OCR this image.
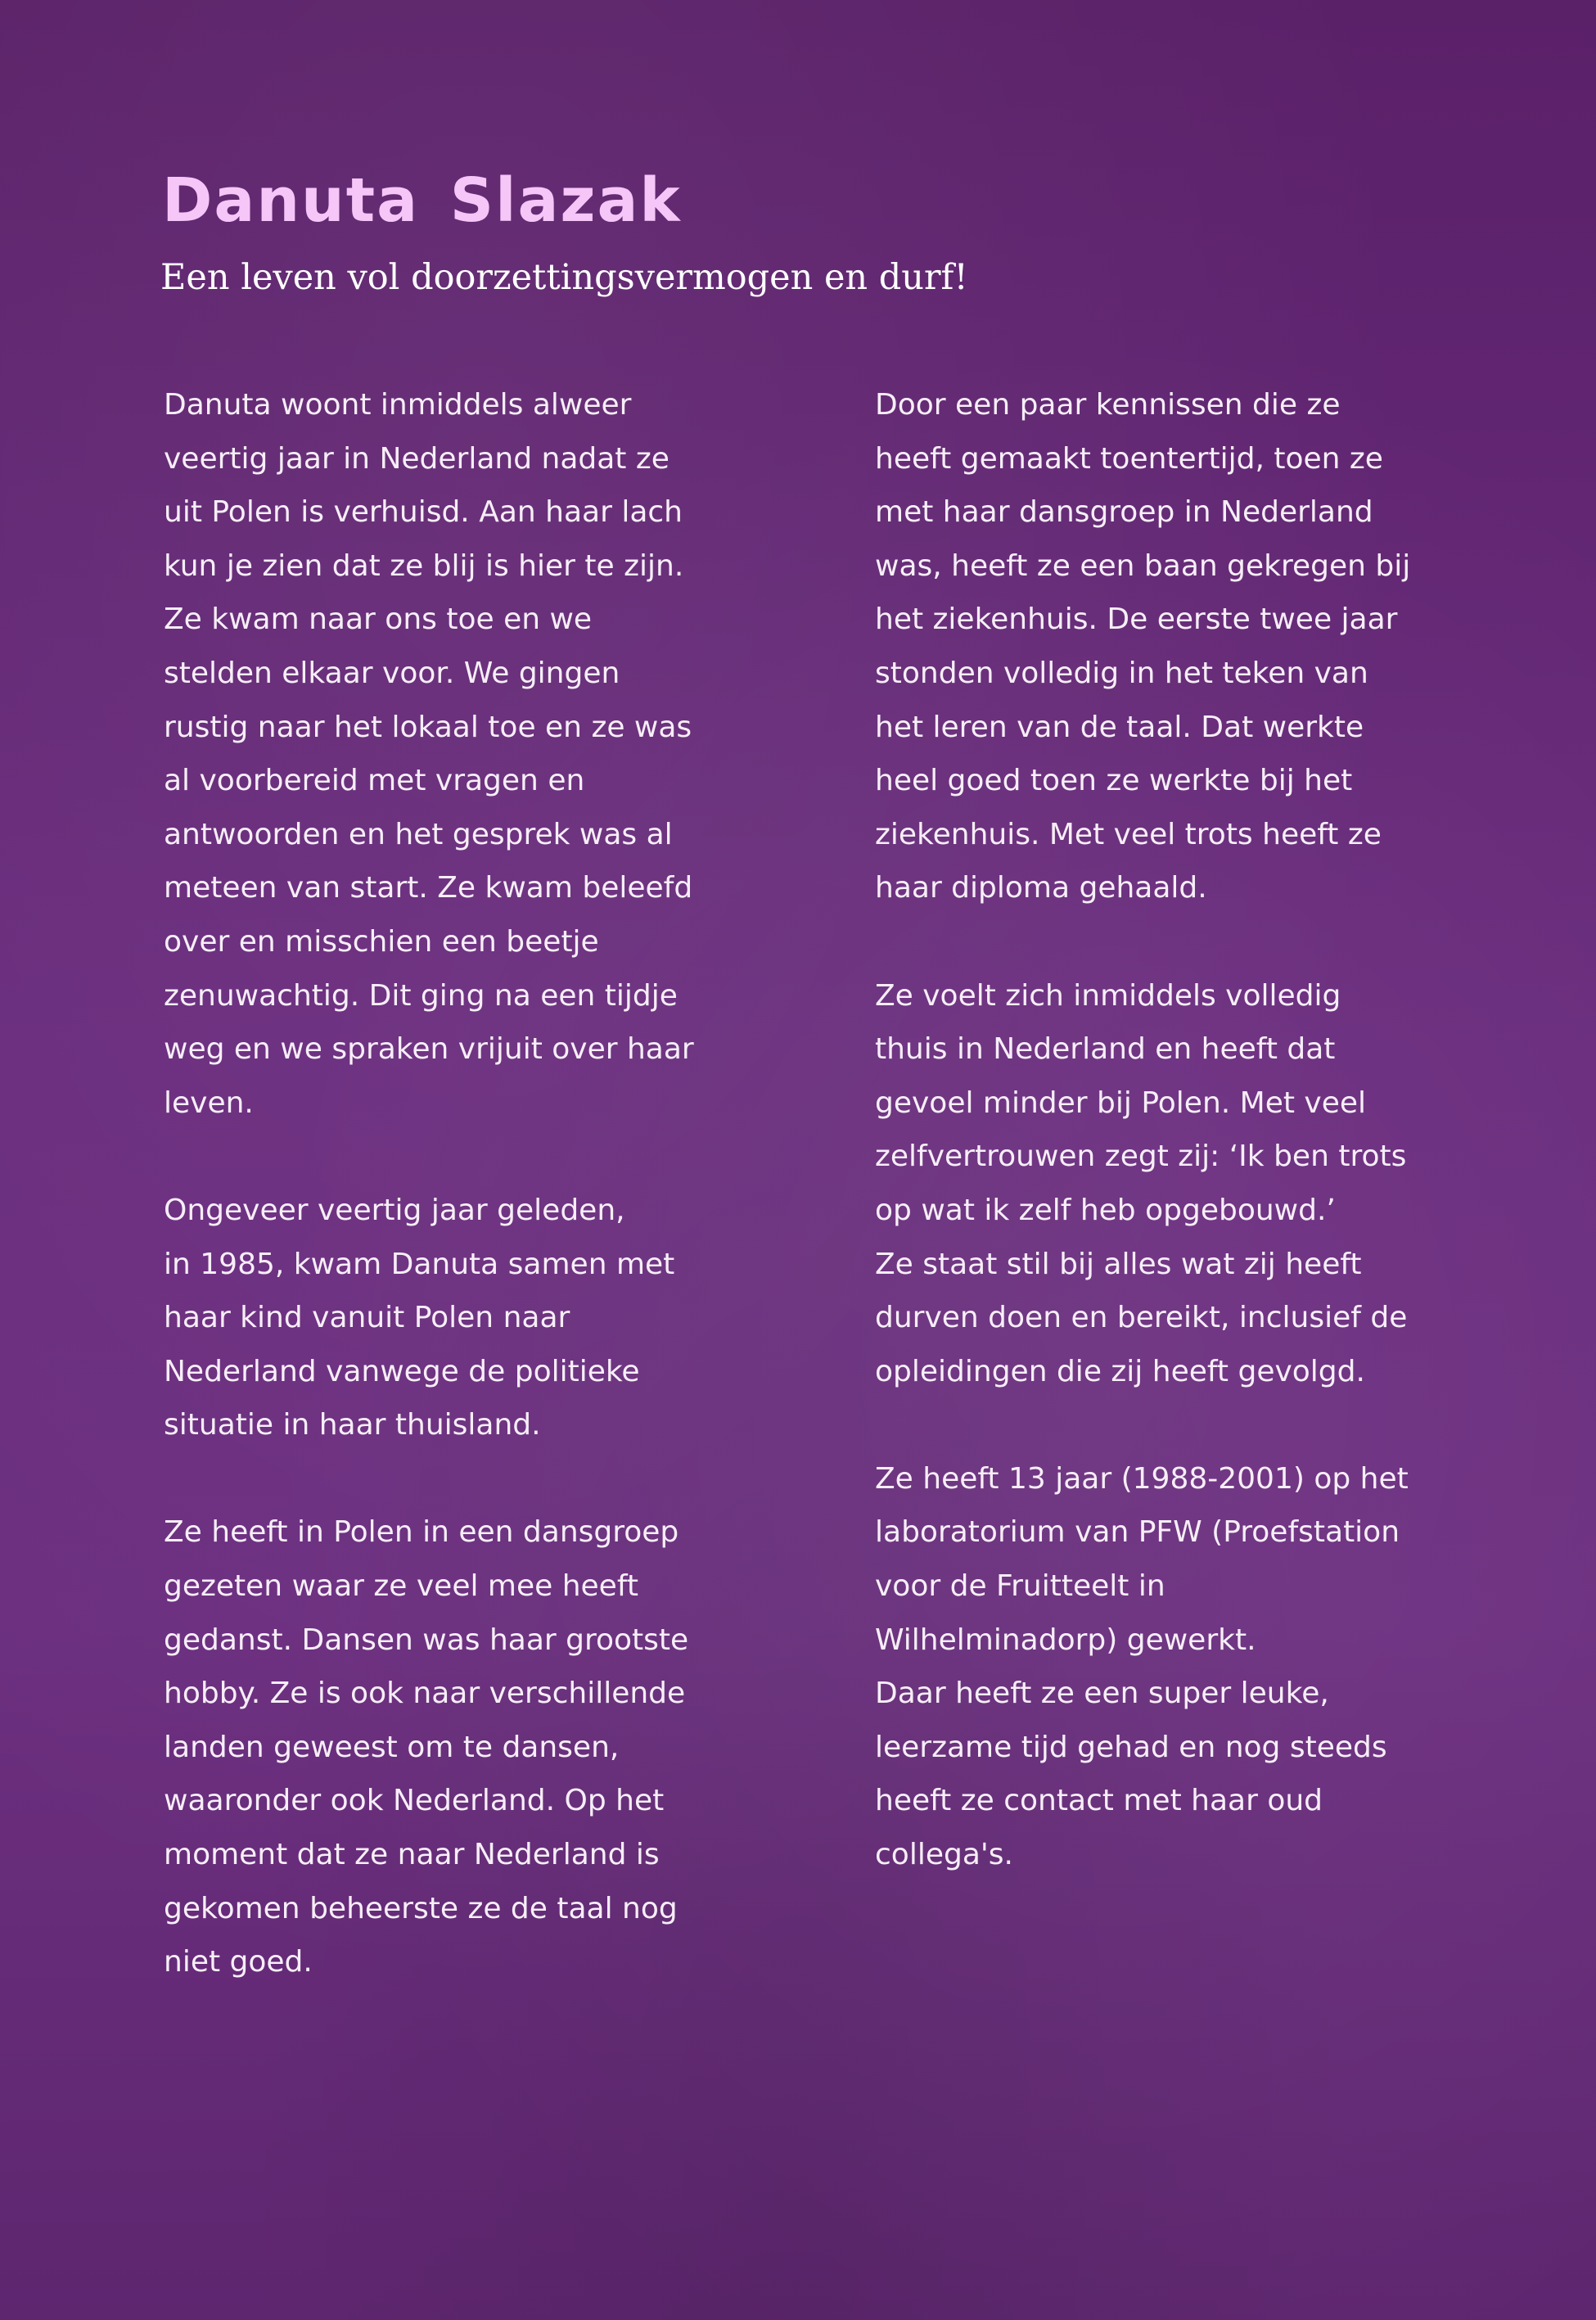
Danuta Slazak
Een leven vol doorzettingsvermogen en durf!

Danuta woont inmiddels alweer
veertig jaar in Nederland nadat ze
uit Polen is verhuisd. Aan haar lach
kun je zien dat ze blij is hier te zijn.
Ze kwam naar ons toe en we
stelden elkaar voor. We gingen
rustig naar het lokaal toe en ze was
al voorbereid met vragen en
antwoorden en het gesprek was al
meteen van start. Ze kwam beleefd
over en misschien een beetje
zenuwachtig. Dit ging na een tijdje
weg en we spraken vrijuit over haar
leven.

Ongeveer veertig jaar geleden,
in 1985, kwam Danuta samen met
haar kind vanuit Polen naar
Nederland vanwege de politieke
situatie in haar thuisland.

Ze heeft in Polen in een dansgroep
gezeten waar ze veel mee heeft
gedanst. Dansen was haar grootste
hobby. Ze is ook naar verschillende
landen geweest om te dansen,
waaronder ook Nederland. Op het
moment dat ze naar Nederland is
gekomen beheerste ze de taal nog
niet goed.

Door een paar kennissen die ze
heeft gemaakt toentertijd, toen ze
met haar dansgroep in Nederland
was, heeft ze een baan gekregen bij
het ziekenhuis. De eerste twee jaar
stonden volledig in het teken van
het leren van de taal. Dat werkte
heel goed toen ze werkte bij het
ziekenhuis. Met veel trots heeft ze
haar diploma gehaald.

Ze voelt zich inmiddels volledig
thuis in Nederland en heeft dat
gevoel minder bij Polen. Met veel
zelfvertrouwen zegt zij: ‘Ik ben trots
op wat ik zelf heb opgebouwd.’
Ze staat stil bij alles wat zij heeft
durven doen en bereikt, inclusief de
opleidingen die zij heeft gevolgd.

Ze heeft 13 jaar (1988-2001) op het
laboratorium van PFW (Proefstation
voor de Fruitteelt in
Wilhelminadorp) gewerkt.
Daar heeft ze een super leuke,
leerzame tijd gehad en nog steeds
heeft ze contact met haar oud
collega's.
